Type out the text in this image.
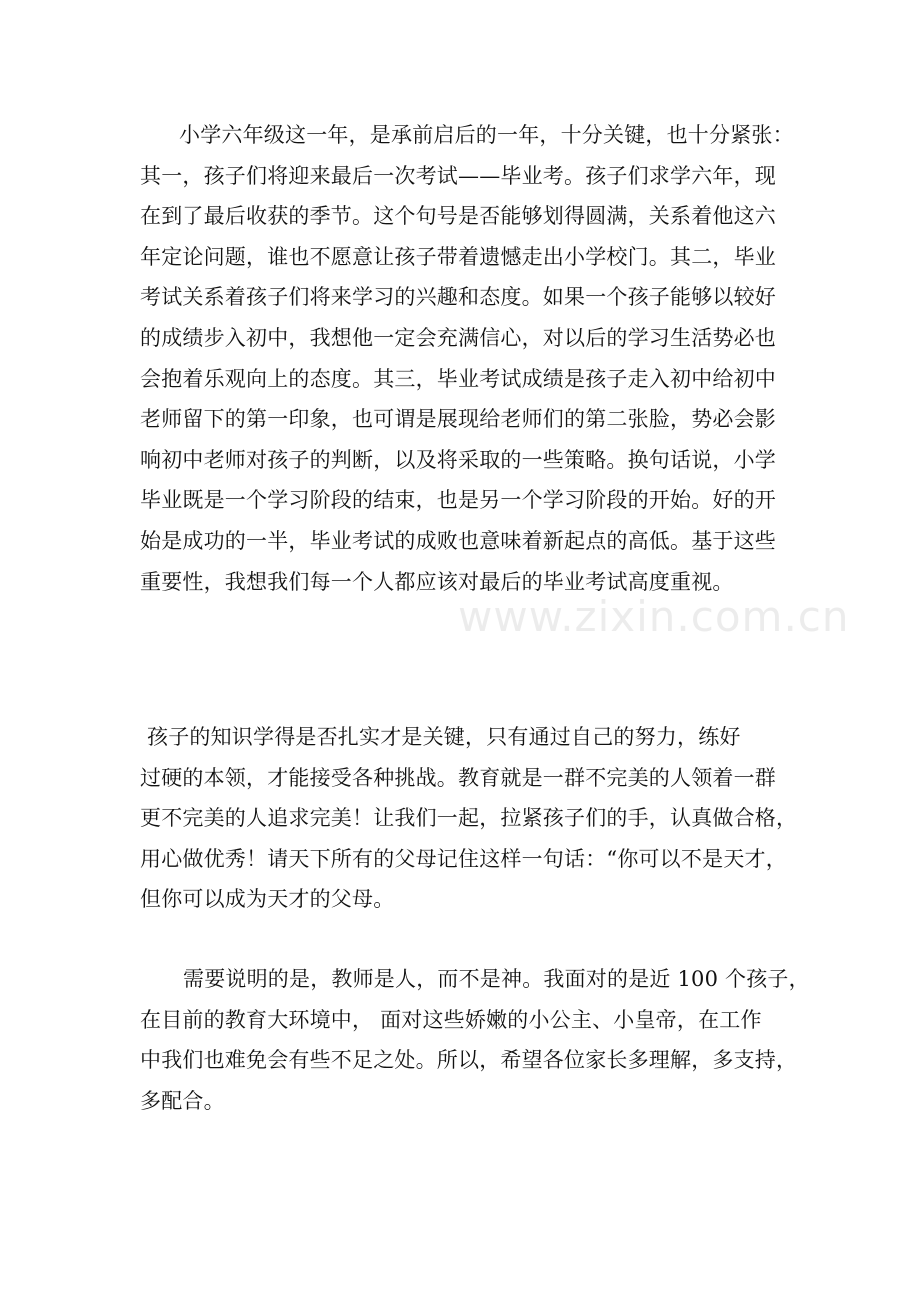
小学六年级这一年，是承前启后的一年，十分关键，也十分紧张：
其一，孩子们将迎来最后一次考试——毕业考。孩子们求学六年，现
在到了最后收获的季节。这个句号是否能够划得圆满，关系着他这六
年定论问题，谁也不愿意让孩子带着遗憾走出小学校门。其二，毕业
考试关系着孩子们将来学习的兴趣和态度。如果一个孩子能够以较好
的成绩步入初中，我想他一定会充满信心，对以后的学习生活势必也
会抱着乐观向上的态度。其三，毕业考试成绩是孩子走入初中给初中
老师留下的第一印象，也可谓是展现给老师们的第二张脸，势必会影
响初中老师对孩子的判断，以及将采取的一些策略。换句话说，小学
毕业既是一个学习阶段的结束，也是另一个学习阶段的开始。好的开
始是成功的一半，毕业考试的成败也意味着新起点的高低。基于这些
重要性，我想我们每一个人都应该对最后的毕业考试高度重视。
孩子的知识学得是否扎实才是关键，只有通过自己的努力，练好
过硬的本领，才能接受各种挑战。教育就是一群不完美的人领着一群
更不完美的人追求完美！让我们一起，拉紧孩子们的手，认真做合格，
用心做优秀！请天下所有的父母记住这样一句话：“你可以不是天才，
但你可以成为天才的父母。
需要说明的是，教师是人，而不是神。我面对的是近 100 个孩子，
在目前的教育大环境中， 面对这些娇嫩的小公主、小皇帝，在工作
中我们也难免会有些不足之处。所以，希望各位家长多理解，多支持，
多配合。
www.zixin.com.cn
